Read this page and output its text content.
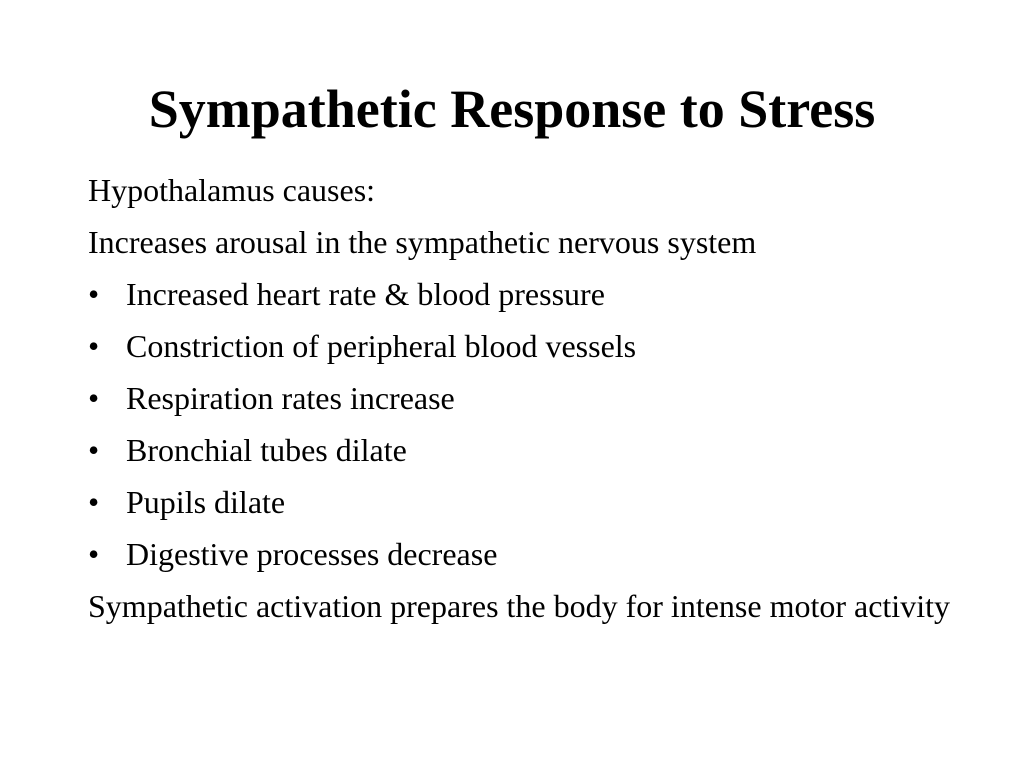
Sympathetic Response to Stress

Hypothalamus causes:

Increases arousal in the sympathetic nervous system

• Increased heart rate & blood pressure
• Constriction of peripheral blood vessels
• Respiration rates increase
• Bronchial tubes dilate
• Pupils dilate
• Digestive processes decrease

Sympathetic activation prepares the body for intense motor activity
